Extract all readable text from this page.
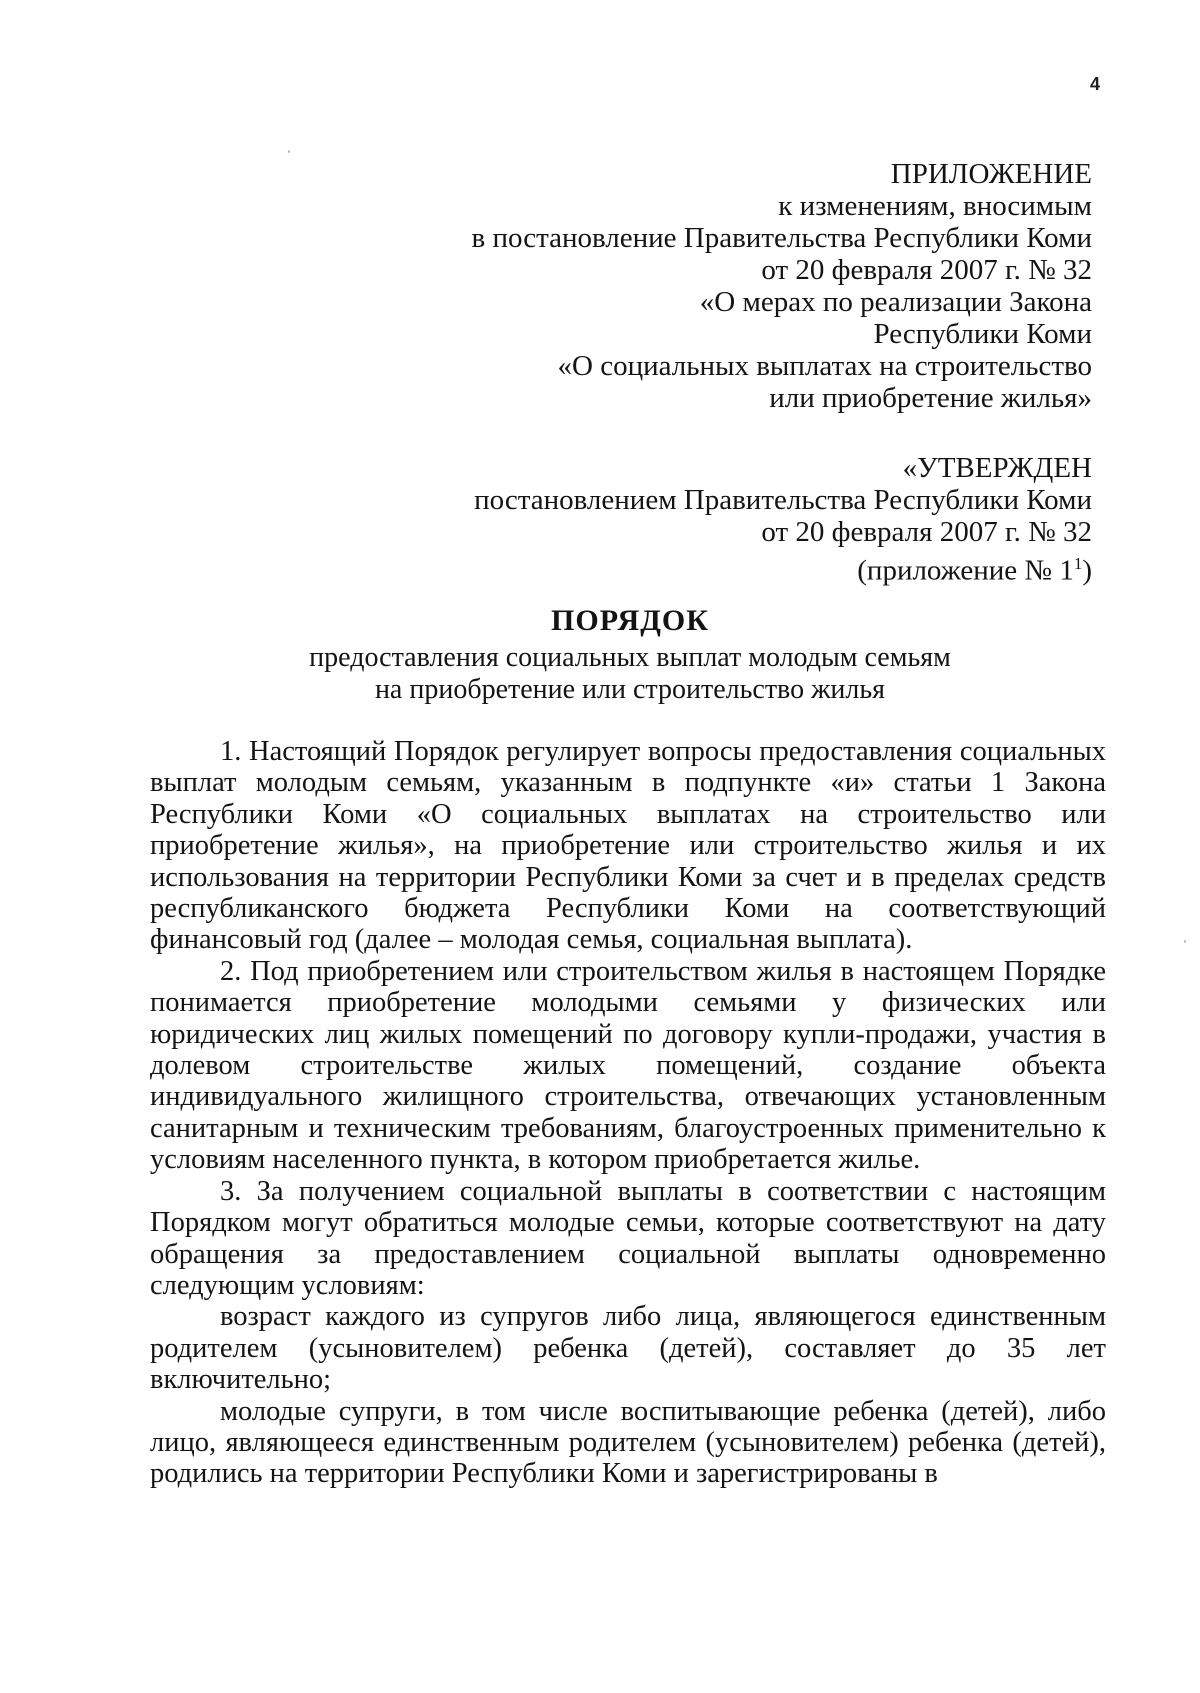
4
ПРИЛОЖЕНИЕ
к изменениям, вносимым
в постановление Правительства Республики Коми
от 20 февраля 2007 г. № 32
«О мерах по реализации Закона
Республики Коми
«О социальных выплатах на строительство
или приобретение жилья»
«УТВЕРЖДЕН
постановлением Правительства Республики Коми
от 20 февраля 2007 г. № 32
(приложение № $1^1$)
ПОРЯДОК
предоставления социальных выплат молодым семьям
на приобретение или строительство жилья

1. Настоящий Порядок регулирует вопросы предоставления социальных выплат молодым семьям, указанным в подпункте «и» статьи 1 Закона Республики Коми «О социальных выплатах на строительство или приобретение жилья», на приобретение или строительство жилья и их использования на территории Республики Коми за счет и в пределах средств республиканского бюджета Республики Коми на соответствующий финансовый год (далее – молодая семья, социальная выплата).

2. Под приобретением или строительством жилья в настоящем Порядке понимается приобретение молодыми семьями у физических или юридических лиц жилых помещений по договору купли-продажи, участия в долевом строительстве жилых помещений, создание объекта индивидуального жилищного строительства, отвечающих установленным санитарным и техническим требованиям, благоустроенных применительно к условиям населенного пункта, в котором приобретается жилье.

3. За получением социальной выплаты в соответствии с настоящим Порядком могут обратиться молодые семьи, которые соответствуют на дату обращения за предоставлением социальной выплаты одновременно следующим условиям:

возраст каждого из супругов либо лица, являющегося единственным родителем (усыновителем) ребенка (детей), составляет до 35 лет включительно;

молодые супруги, в том числе воспитывающие ребенка (детей), либо лицо, являющееся единственным родителем (усыновителем) ребенка (детей), родились на территории Республики Коми и зарегистрированы в
